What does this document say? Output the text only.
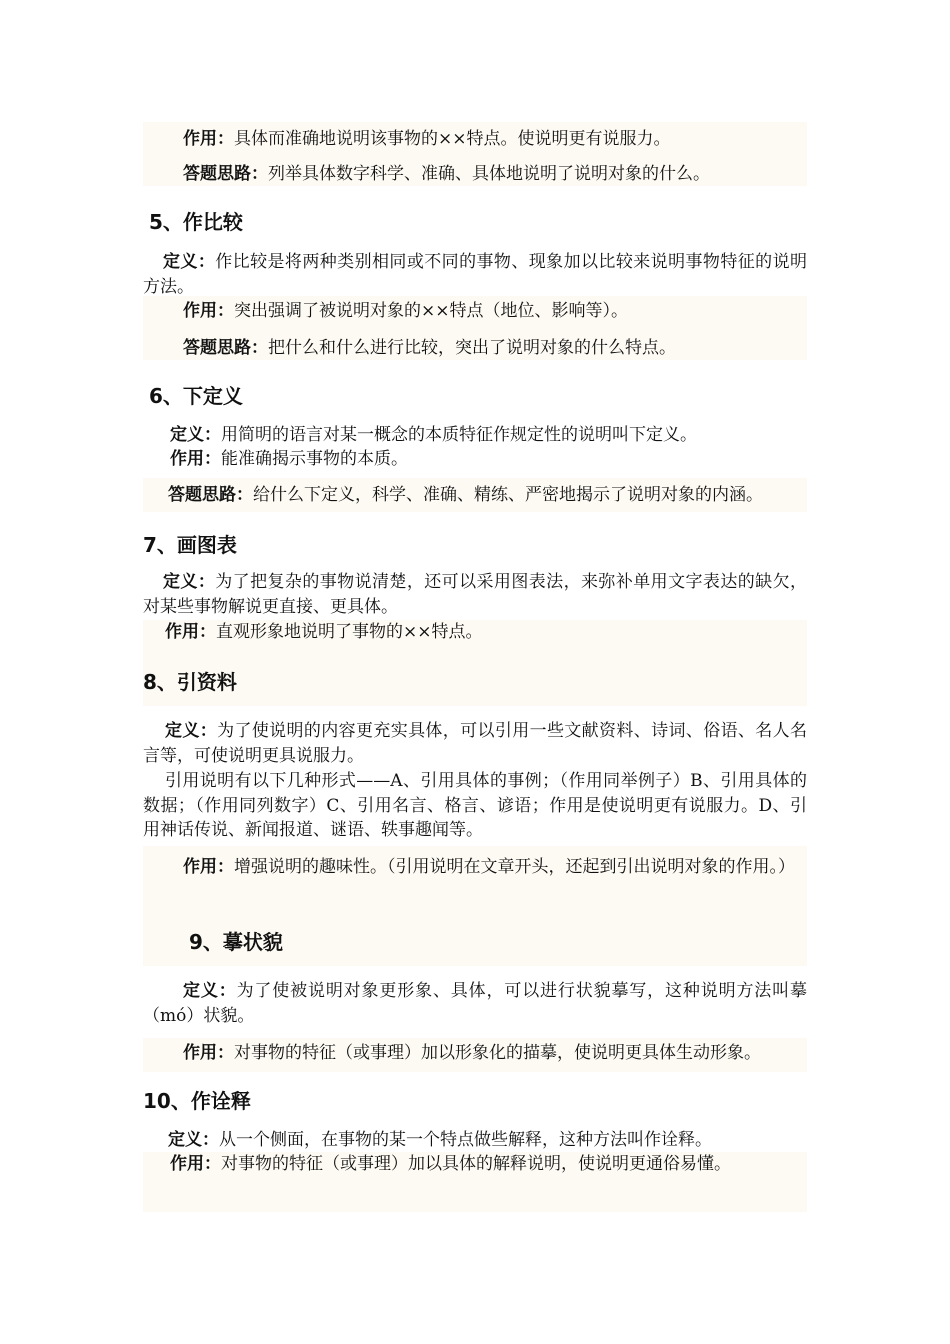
作用：具体而准确地说明该事物的××特点。使说明更有说服力。
答题思路：列举具体数字科学、准确、具体地说明了说明对象的什么。
5、作比较
定义：作比较是将两种类别相同或不同的事物、现象加以比较来说明事物特征的说明方法。
作用：突出强调了被说明对象的××特点（地位、影响等）。
答题思路：把什么和什么进行比较，突出了说明对象的什么特点。
6、下定义
定义：用简明的语言对某一概念的本质特征作规定性的说明叫下定义。
作用：能准确揭示事物的本质。
答题思路：给什么下定义，科学、准确、精练、严密地揭示了说明对象的内涵。
7、画图表
定义：为了把复杂的事物说清楚，还可以采用图表法，来弥补单用文字表达的缺欠，对某些事物解说更直接、更具体。
作用：直观形象地说明了事物的××特点。
8、引资料
定义：为了使说明的内容更充实具体，可以引用一些文献资料、诗词、俗语、名人名言等，可使说明更具说服力。
引用说明有以下几种形式——A、引用具体的事例；（作用同举例子）B、引用具体的数据；（作用同列数字）C、引用名言、格言、谚语；作用是使说明更有说服力。D、引用神话传说、新闻报道、谜语、轶事趣闻等。
作用：增强说明的趣味性。（引用说明在文章开头，还起到引出说明对象的作用。）
9、摹状貌
定义：为了使被说明对象更形象、具体，可以进行状貌摹写，这种说明方法叫摹（mó）状貌。
作用：对事物的特征（或事理）加以形象化的描摹，使说明更具体生动形象。
10、作诠释
定义：从一个侧面，在事物的某一个特点做些解释，这种方法叫作诠释。
作用：对事物的特征（或事理）加以具体的解释说明，使说明更通俗易懂。
